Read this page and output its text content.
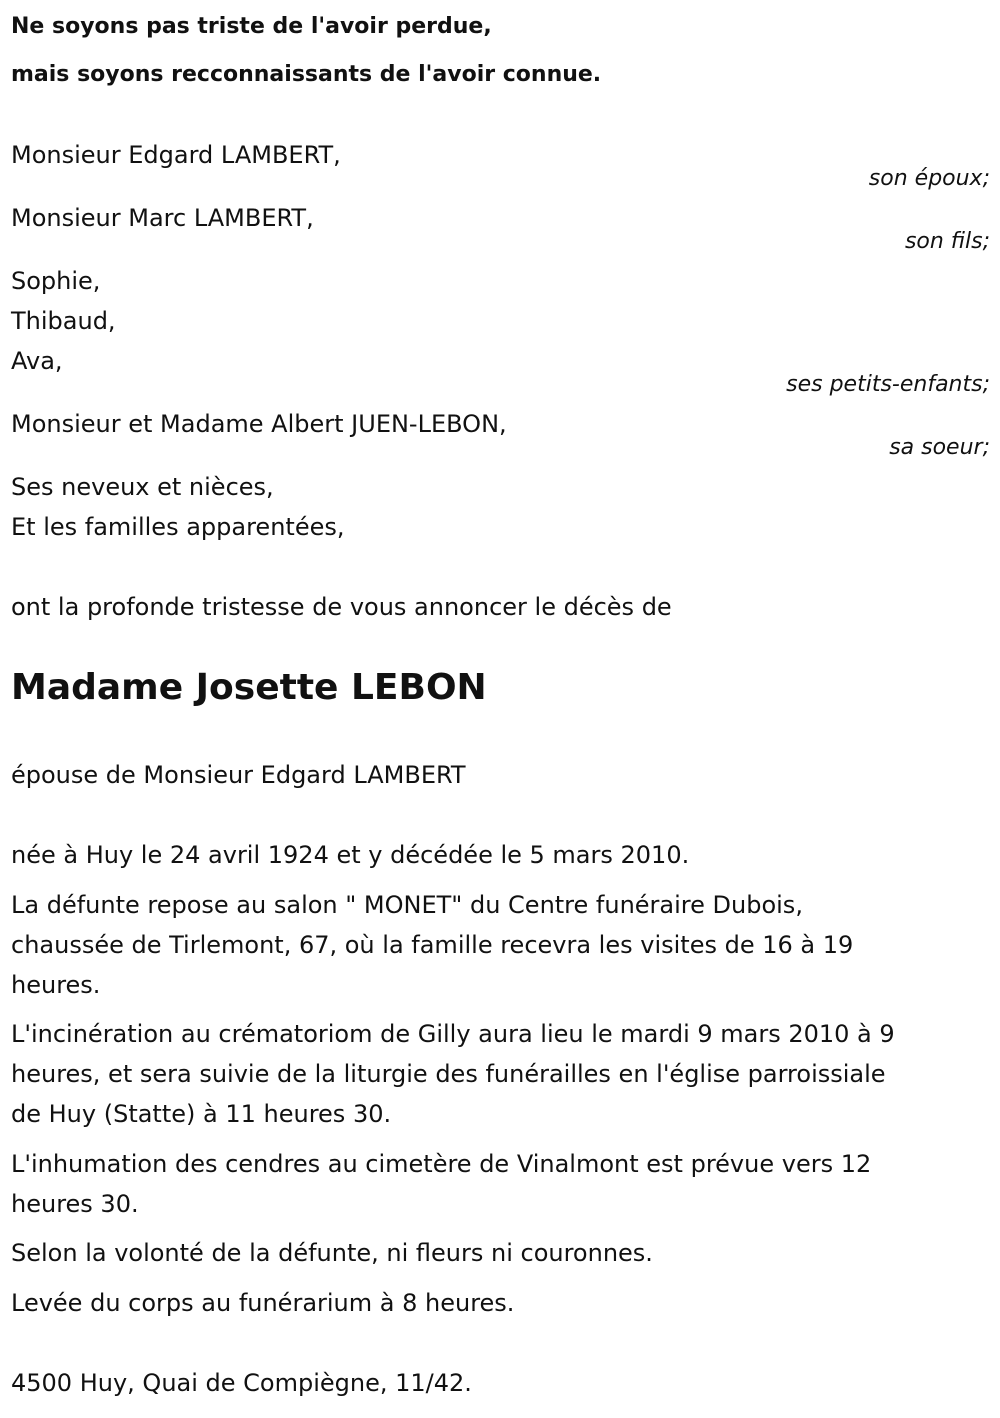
Ne soyons pas triste de l'avoir perdue,
mais soyons recconnaissants de l'avoir connue.
Monsieur Edgard LAMBERT,
son époux;
Monsieur Marc LAMBERT,
son fils;
Sophie,
Thibaud,
Ava,
ses petits-enfants;
Monsieur et Madame Albert JUEN-LEBON,
sa soeur;
Ses neveux et nièces,
Et les familles apparentées,
ont la profonde tristesse de vous annoncer le décès de
Madame Josette LEBON
épouse de Monsieur Edgard LAMBERT
née à Huy le 24 avril 1924 et y décédée le 5 mars 2010.
La défunte repose au salon " MONET" du Centre funéraire Dubois,
chaussée de Tirlemont, 67, où la famille recevra les visites de 16 à 19
heures.
L'incinération au crématoriom de Gilly aura lieu le mardi 9 mars 2010 à 9
heures, et sera suivie de la liturgie des funérailles en l'église parroissiale
de Huy (Statte) à 11 heures 30.
L'inhumation des cendres au cimetère de Vinalmont est prévue vers 12
heures 30.
Selon la volonté de la défunte, ni fleurs ni couronnes.
Levée du corps au funérarium à 8 heures.
4500 Huy, Quai de Compiègne, 11/42.
